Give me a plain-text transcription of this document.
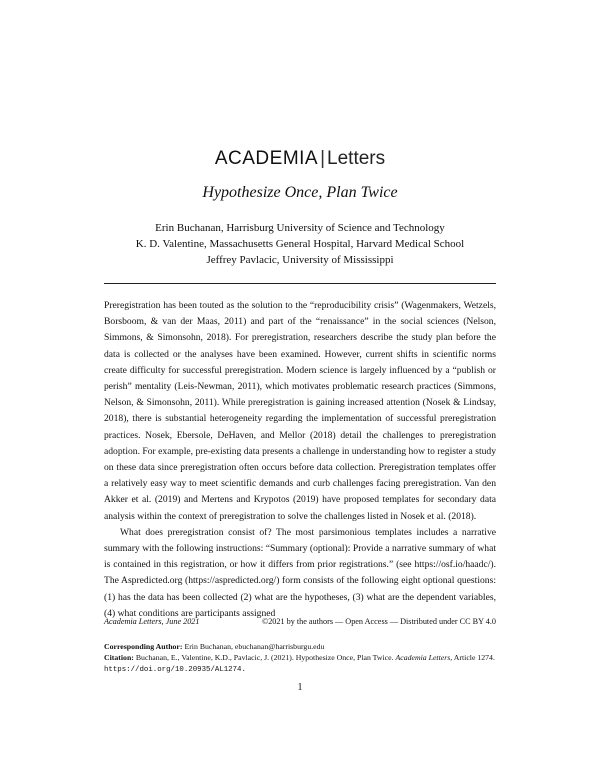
ACADEMIA | Letters
Hypothesize Once, Plan Twice
Erin Buchanan, Harrisburg University of Science and Technology
K. D. Valentine, Massachusetts General Hospital, Harvard Medical School
Jeffrey Pavlacic, University of Mississippi

Preregistration has been touted as the solution to the “reproducibility crisis” (Wagenmakers, Wetzels, Borsboom, & van der Maas, 2011) and part of the “renaissance” in the social sciences (Nelson, Simmons, & Simonsohn, 2018). For preregistration, researchers describe the study plan before the data is collected or the analyses have been examined. However, current shifts in scientific norms create difficulty for successful preregistration. Modern science is largely influenced by a “publish or perish” mentality (Leis-Newman, 2011), which motivates problematic research practices (Simmons, Nelson, & Simonsohn, 2011). While preregistration is gaining increased attention (Nosek & Lindsay, 2018), there is substantial heterogeneity regarding the implementation of successful preregistration practices. Nosek, Ebersole, DeHaven, and Mellor (2018) detail the challenges to preregistration adoption. For example, pre-existing data presents a challenge in understanding how to register a study on these data since preregistration often occurs before data collection. Preregistration templates offer a relatively easy way to meet scientific demands and curb challenges facing preregistration. Van den Akker et al. (2019) and Mertens and Krypotos (2019) have proposed templates for secondary data analysis within the context of preregistration to solve the challenges listed in Nosek et al. (2018).

What does preregistration consist of? The most parsimonious templates includes a narrative summary with the following instructions: “Summary (optional): Provide a narrative summary of what is contained in this registration, or how it differs from prior registrations.” (see https://osf.io/haadc/). The Aspredicted.org (https://aspredicted.org/) form consists of the following eight optional questions: (1) has the data has been collected (2) what are the hypotheses, (3) what are the dependent variables, (4) what conditions are participants assigned

Academia Letters, June 2021	©2021 by the authors — Open Access — Distributed under CC BY 4.0
Corresponding Author: Erin Buchanan, ebuchanan@harrisburgu.edu
Citation: Buchanan, E., Valentine, K.D., Pavlacic, J. (2021). Hypothesize Once, Plan Twice. Academia Letters, Article 1274. https://doi.org/10.20935/AL1274.
1
